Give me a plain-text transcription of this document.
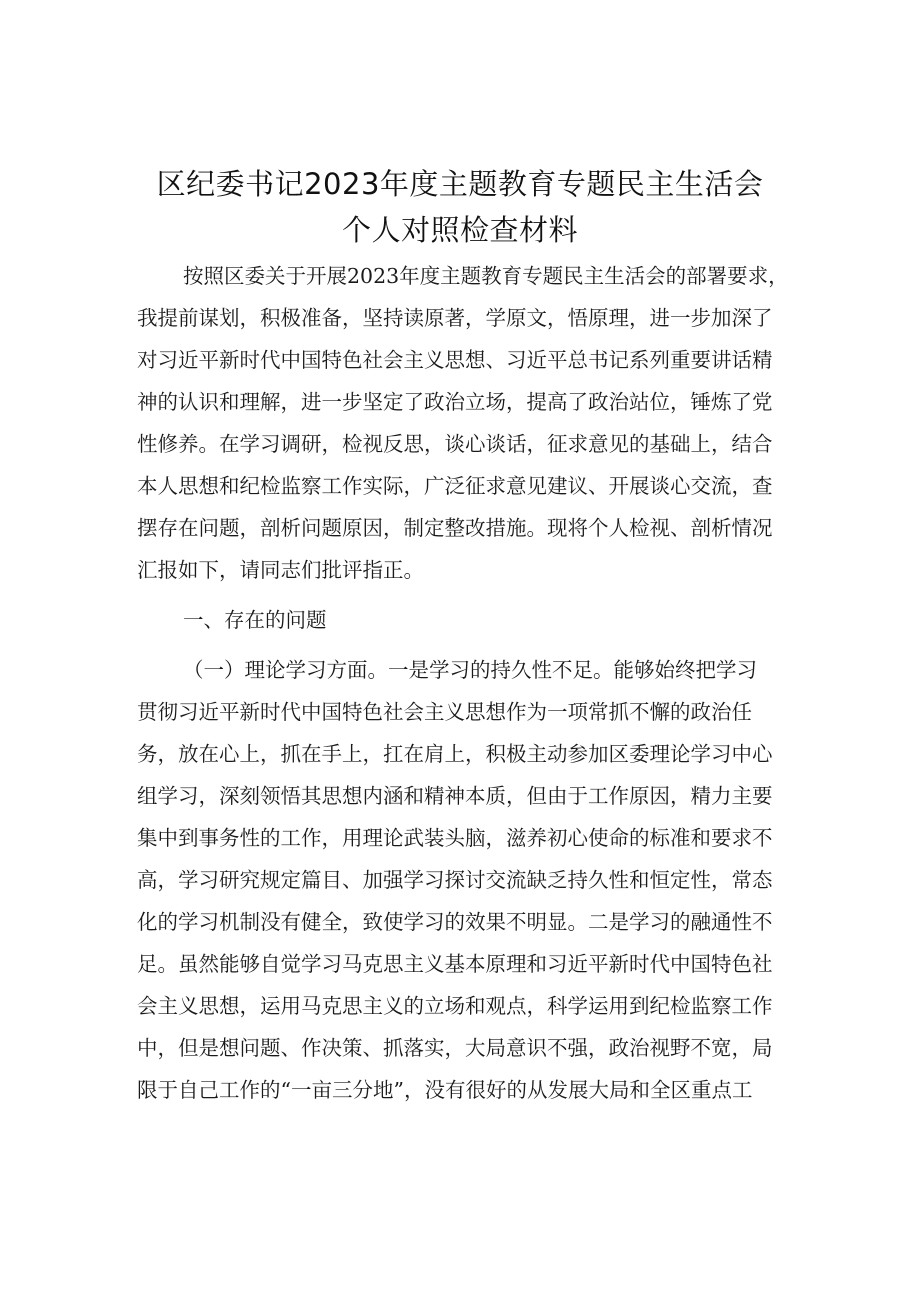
区纪委书记2023年度主题教育专题民主生活会
个人对照检查材料
按照区委关于开展2023年度主题教育专题民主生活会的部署要求，
我提前谋划，积极准备，坚持读原著，学原文，悟原理，进一步加深了
对习近平新时代中国特色社会主义思想、习近平总书记系列重要讲话精
神的认识和理解，进一步坚定了政治立场，提高了政治站位，锤炼了党
性修养。在学习调研，检视反思，谈心谈话，征求意见的基础上，结合
本人思想和纪检监察工作实际，广泛征求意见建议、开展谈心交流，查
摆存在问题，剖析问题原因，制定整改措施。现将个人检视、剖析情况
汇报如下，请同志们批评指正。
一、存在的问题
（一）理论学习方面。一是学习的持久性不足。能够始终把学习
贯彻习近平新时代中国特色社会主义思想作为一项常抓不懈的政治任
务，放在心上，抓在手上，扛在肩上，积极主动参加区委理论学习中心
组学习，深刻领悟其思想内涵和精神本质，但由于工作原因，精力主要
集中到事务性的工作，用理论武装头脑，滋养初心使命的标准和要求不
高，学习研究规定篇目、加强学习探讨交流缺乏持久性和恒定性，常态
化的学习机制没有健全，致使学习的效果不明显。二是学习的融通性不
足。虽然能够自觉学习马克思主义基本原理和习近平新时代中国特色社
会主义思想，运用马克思主义的立场和观点，科学运用到纪检监察工作
中，但是想问题、作决策、抓落实，大局意识不强，政治视野不宽，局
限于自己工作的“一亩三分地”，没有很好的从发展大局和全区重点工
